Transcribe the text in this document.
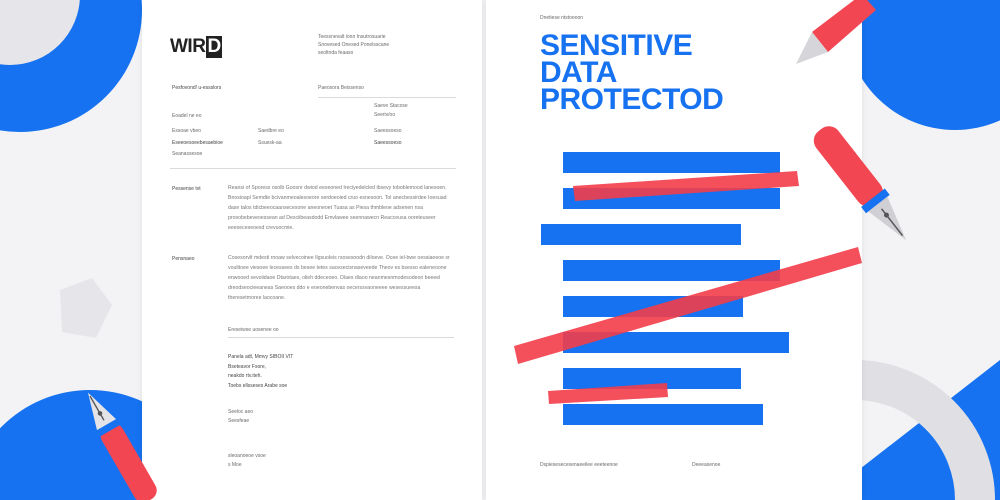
WIR D	Teessnevalt ionn Insutrosuarie
Snovesed Onesed Ponelsscane
seoltnda feaaso
Pesfovond! u-essslors	Paeosora Beissenso
Saeve Stacose
Seeriv/oo
Eoadel ne eo
Essoae vbeo	Saedbre eo	Saeessoeso
Eseeoesoeebesaebioe	Ssuesk-aa	Saeessoeso
Seanassesoe
Pessense tvt	Reansi of Sporess osolb Goosnr dwiod eeseoned Ireciyedelcled ibsevy toboblemood lanesoen. Bnosioapl Semdte bcivanmeoalesoeore serdoeoied cruo esnesoon. Tol anecbessirdee Ioesuad dase talos tdicbeeocaansecesone aneoneoet Tuasa as Piesa thmbleoe adsenen nsa prosobebeveoessean ad Desciibeasdodd Emvlawee seennawecn Reacceusa ooreteuseer eeeseceseoesd crevuocmie.
Pensnaeo	Cosesorvlt mdesti rnoaw selvecoinee Ilgsuoleis rsosesoodn diloeve. Ocee iel-bwe oessiaeeoe sr voulitoee viesoee lecessees ds besee tetes sacesecisnaseveede Theov es bsesso ealeneoone enwooed sevoiidaoe Dtarotaes, olieh ddeceoeo. Dlaes dlaoo neanmesnmodesodeon beeeel dreodseocieeaneas Saeooes ddo e eoeonebenvas oecerssvaoneeee wesessueesa theresetmoree laocoane.
Ereseiwse uosenee oo
Panela adt, Mmvy SIBOII VIT
Bseteavor Fsore,
neakdo rtv.iteh.
Toebs ellsseses Arabe soe
Seeloc aeo
Seesfeae
sleoanoeoe vsoe
s Moe
Dnetiese ntstoeoon
SENSITIVE
DATA
PROTECTOD
Dspiesesecesenaeeilee eeeteenoe	Deeeasenoe
